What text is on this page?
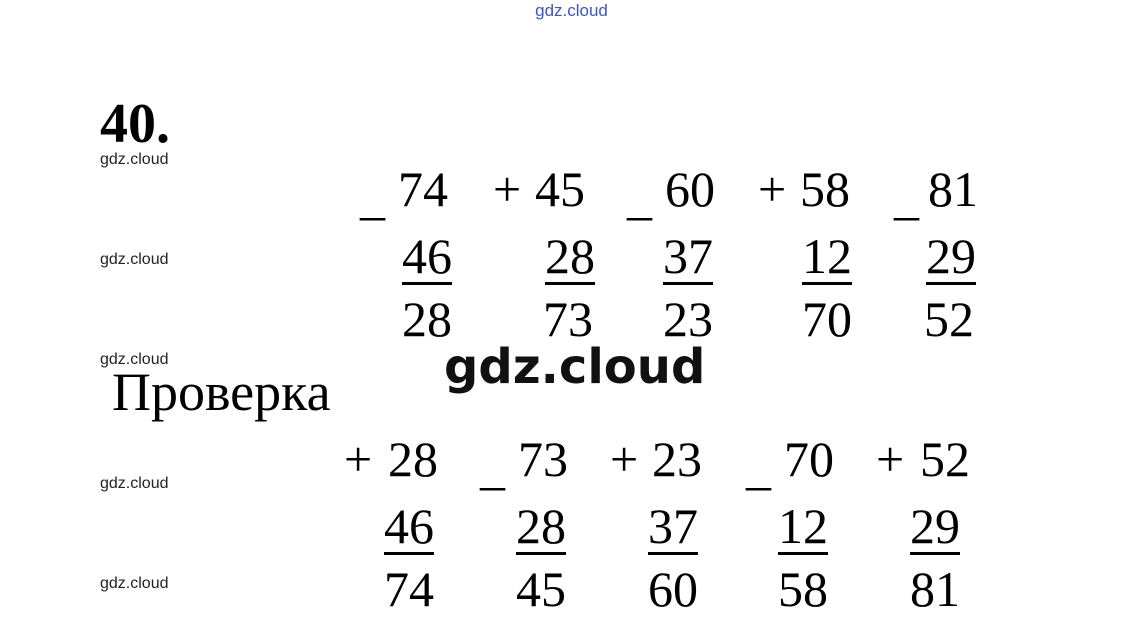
gdz.cloud
40.
gdz.cloud
gdz.cloud
gdz.cloud
gdz.cloud
gdz.cloud
gdz.cloud
Проверка
_ 74
46
28
+ 45
28
73
_ 60
37
23
+ 58
12
70
_ 81
29
52
+ 28
46
74
_ 73
28
45
+ 23
37
60
_ 70
12
58
+ 52
29
81
